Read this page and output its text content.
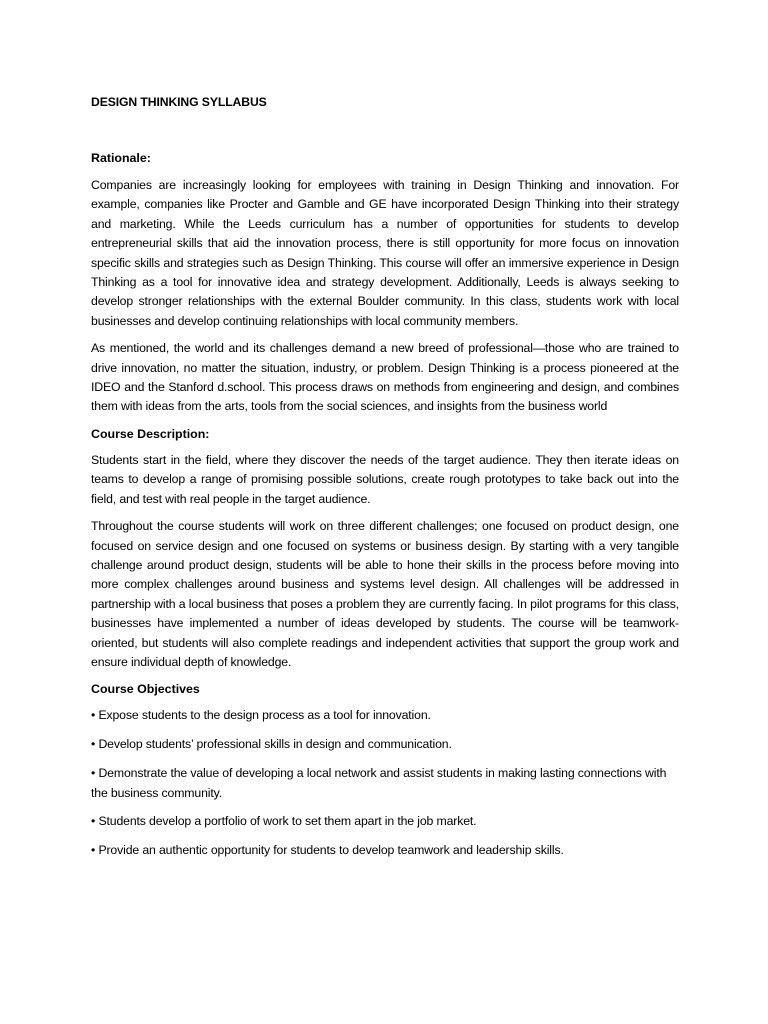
DESIGN THINKING SYLLABUS
Rationale:

Companies are increasingly looking for employees with training in Design Thinking and innovation. For example, companies like Procter and Gamble and GE have incorporated Design Thinking into their strategy and marketing. While the Leeds curriculum has a number of opportunities for students to develop entrepreneurial skills that aid the innovation process, there is still opportunity for more focus on innovation specific skills and strategies such as Design Thinking. This course will offer an immersive experience in Design Thinking as a tool for innovative idea and strategy development. Additionally, Leeds is always seeking to develop stronger relationships with the external Boulder community. In this class, students work with local businesses and develop continuing relationships with local community members.

As mentioned, the world and its challenges demand a new breed of professional—those who are trained to drive innovation, no matter the situation, industry, or problem. Design Thinking is a process pioneered at the IDEO and the Stanford d.school. This process draws on methods from engineering and design, and combines them with ideas from the arts, tools from the social sciences, and insights from the business world

Course Description:

Students start in the field, where they discover the needs of the target audience. They then iterate ideas on teams to develop a range of promising possible solutions, create rough prototypes to take back out into the field, and test with real people in the target audience.

Throughout the course students will work on three different challenges; one focused on product design, one focused on service design and one focused on systems or business design. By starting with a very tangible challenge around product design, students will be able to hone their skills in the process before moving into more complex challenges around business and systems level design. All challenges will be addressed in partnership with a local business that poses a problem they are currently facing. In pilot programs for this class, businesses have implemented a number of ideas developed by students. The course will be teamwork-oriented, but students will also complete readings and independent activities that support the group work and ensure individual depth of knowledge.

Course Objectives
• Expose students to the design process as a tool for innovation.
• Develop students’ professional skills in design and communication.
• Demonstrate the value of developing a local network and assist students in making lasting connections with the business community.
• Students develop a portfolio of work to set them apart in the job market.
• Provide an authentic opportunity for students to develop teamwork and leadership skills.
